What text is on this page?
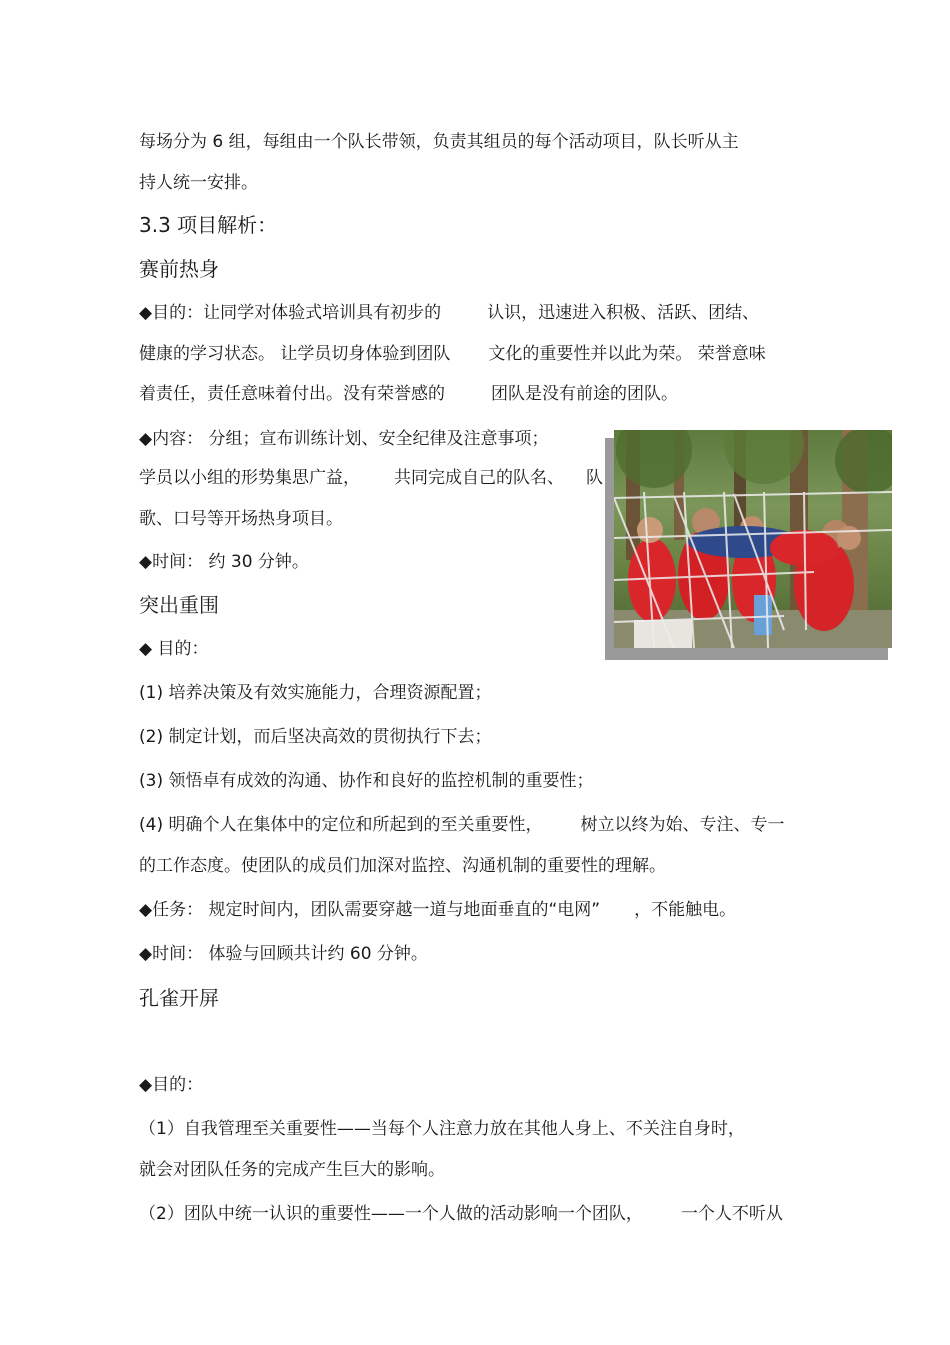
每场分为 6 组，每组由一个队长带领，负责其组员的每个活动项目，队长听从主
持人统一安排。
3.3 项目解析：
赛前热身
◆目的：让同学对体验式培训具有初步的	认识，迅速进入积极、活跃、团结、
健康的学习状态。 让学员切身体验到团队 文化的重要性并以此为荣。 荣誉意味
着责任，责任意味着付出。没有荣誉感的	团队是没有前途的团队。
◆内容： 分组；宣布训练计划、安全纪律及注意事项；
学员以小组的形势集思广益， 共同完成自己的队名、 队
歌、口号等开场热身项目。
◆时间： 约 30 分钟。
突出重围
◆ 目的：
(1) 培养决策及有效实施能力，合理资源配置；
(2) 制定计划，而后坚决高效的贯彻执行下去；
(3) 领悟卓有成效的沟通、协作和良好的监控机制的重要性；
(4) 明确个人在集体中的定位和所起到的至关重要性， 树立以终为始、专注、专一
的工作态度。使团队的成员们加深对监控、沟通机制的重要性的理解。
◆任务： 规定时间内，团队需要穿越一道与地面垂直的“电网” ，不能触电。
◆时间： 体验与回顾共计约 60 分钟。
孔雀开屏
◆目的：
（1）自我管理至关重要性——当每个人注意力放在其他人身上、不关注自身时，
就会对团队任务的完成产生巨大的影响。
（2）团队中统一认识的重要性——一个人做的活动影响一个团队， 一个人不听从
